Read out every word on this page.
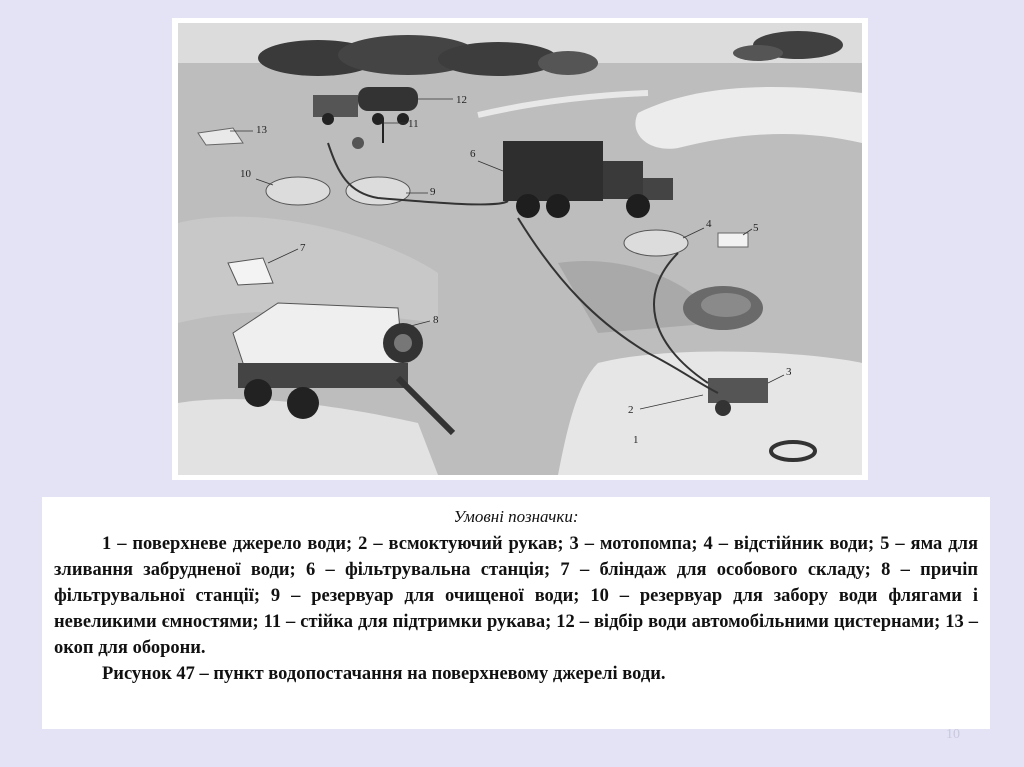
12
13	11
6
10
9
4	5
7
8
3
2
1
Умовні позначки:

1 – поверхневе джерело води; 2 – всмоктуючий рукав; 3 – мотопомпа; 4 – відстійник води; 5 – яма для зливання забрудненої води; 6 – фільтрувальна станція; 7 – бліндаж для особового складу; 8 – причіп фільтрувальної станції; 9 – резервуар для очищеної води; 10 – резервуар для забору води флягами і невеликими ємностями; 11 – стійка для підтримки рукава; 12 – відбір води автомобільними цистернами; 13 – окоп для оборони.

Рисунок 47 – пункт водопостачання на поверхневому джерелі води.

10
